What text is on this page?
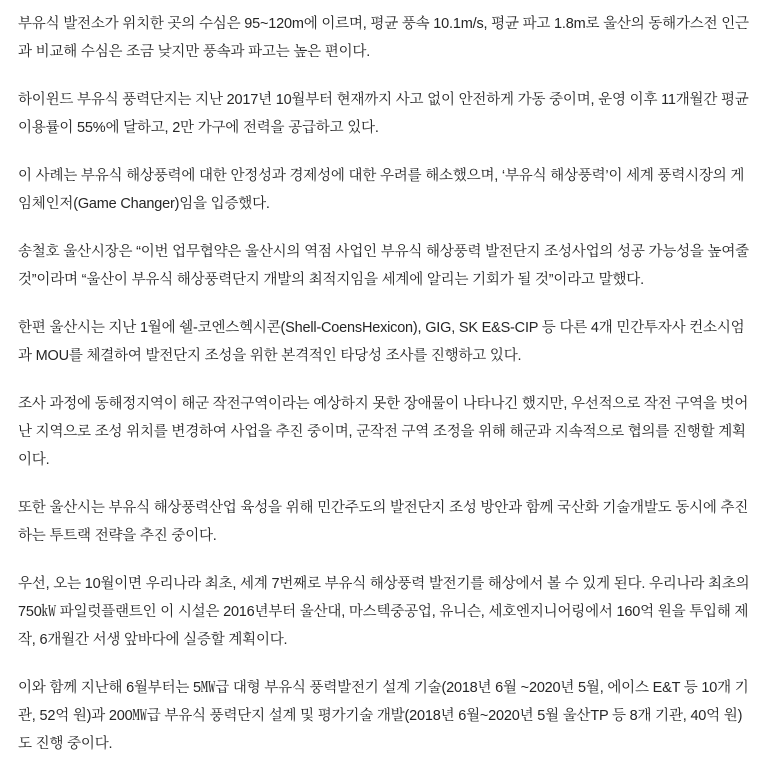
부유식 발전소가 위치한 곳의 수심은 95~120m에 이르며, 평균 풍속 10.1m/s, 평균 파고 1.8m로 울산의 동해가스전 인근과 비교해 수심은 조금 낮지만 풍속과 파고는 높은 편이다.

하이윈드 부유식 풍력단지는 지난 2017년 10월부터 현재까지 사고 없이 안전하게 가동 중이며, 운영 이후 11개월간 평균 이용률이 55%에 달하고, 2만 가구에 전력을 공급하고 있다.

이 사례는 부유식 해상풍력에 대한 안정성과 경제성에 대한 우려를 해소했으며, ‘부유식 해상풍력’이 세계 풍력시장의 게임체인저(Game Changer)임을 입증했다.

송철호 울산시장은 “이번 업무협약은 울산시의 역점 사업인 부유식 해상풍력 발전단지 조성사업의 성공 가능성을 높여줄 것”이라며 “울산이 부유식 해상풍력단지 개발의 최적지임을 세계에 알리는 기회가 될 것”이라고 말했다.

한편 울산시는 지난 1월에 쉘-코엔스헥시콘(Shell-CoensHexicon), GIG, SK E&S-CIP 등 다른 4개 민간투자사 컨소시엄과 MOU를 체결하여 발전단지 조성을 위한 본격적인 타당성 조사를 진행하고 있다.

조사 과정에 동해정지역이 해군 작전구역이라는 예상하지 못한 장애물이 나타나긴 했지만, 우선적으로 작전 구역을 벗어난 지역으로 조성 위치를 변경하여 사업을 추진 중이며, 군작전 구역 조정을 위해 해군과 지속적으로 협의를 진행할 계획이다.

또한 울산시는 부유식 해상풍력산업 육성을 위해 민간주도의 발전단지 조성 방안과 함께 국산화 기술개발도 동시에 추진하는 투트랙 전략을 추진 중이다.

우선, 오는 10월이면 우리나라 최초, 세계 7번째로 부유식 해상풍력 발전기를 해상에서 볼 수 있게 된다. 우리나라 최초의 750㎾ 파일럿플랜트인 이 시설은 2016년부터 울산대, 마스텍중공업, 유니슨, 세호엔지니어링에서 160억 원을 투입해 제작, 6개월간 서생 앞바다에 실증할 계획이다.

이와 함께 지난해 6월부터는 5㎿급 대형 부유식 풍력발전기 설계 기술(2018년 6월 ~2020년 5월, 에이스 E&T 등 10개 기관, 52억 원)과 200㎿급 부유식 풍력단지 설계 및 평가기술 개발(2018년 6월~2020년 5월 울산TP 등 8개 기관, 40억 원)도 진행 중이다.
